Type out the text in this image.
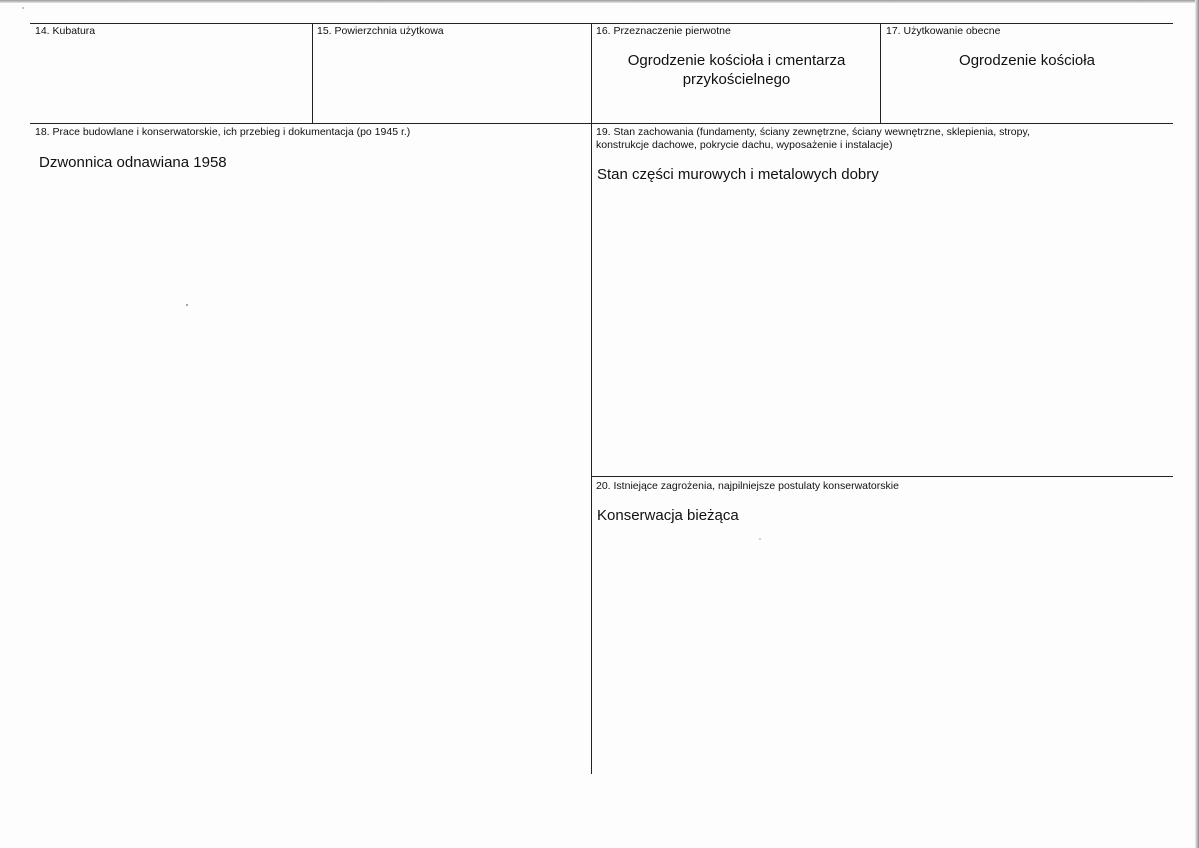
14. Kubatura	15. Powierzchnia użytkowa	16. Przeznaczenie pierwotne
Ogrodzenie kościoła i cmentarza
przykościelnego
17. Użytkowanie obecne
Ogrodzenie kościoła
18. Prace budowlane i konserwatorskie, ich przebieg i dokumentacja (po 1945 r.)
Dzwonnica odnawiana 1958
19. Stan zachowania (fundamenty, ściany zewnętrzne, ściany wewnętrzne, sklepienia, stropy,
konstrukcje dachowe, pokrycie dachu, wyposażenie i instalacje)
Stan części murowych i metalowych dobry
20. Istniejące zagrożenia, najpilniejsze postulaty konserwatorskie
Konserwacja bieżąca
